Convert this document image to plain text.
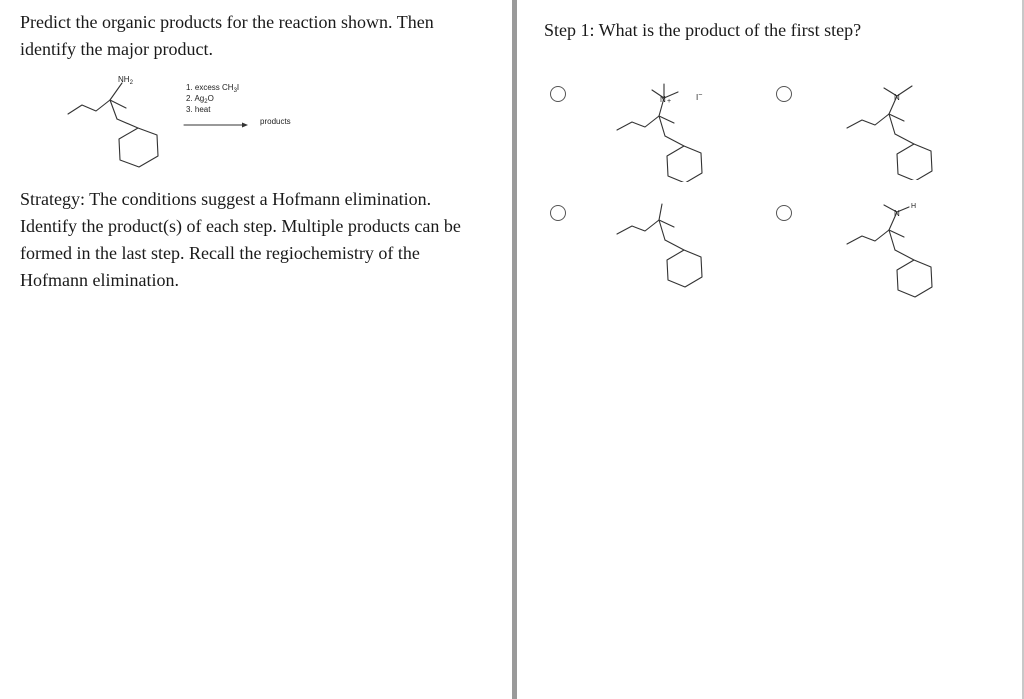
Predict the organic products for the reaction shown. Then identify the major product.

$NH_2$	1. excess $CH_3I$
2. $Ag_2O$
3. heat
products

Strategy: The conditions suggest a Hofmann elimination. Identify the product(s) of each step. Multiple products can be formed in the last step. Recall the regiochemistry of the Hofmann elimination.

Step 1: What is the product of the first step?

N +	I−	N
N
H
